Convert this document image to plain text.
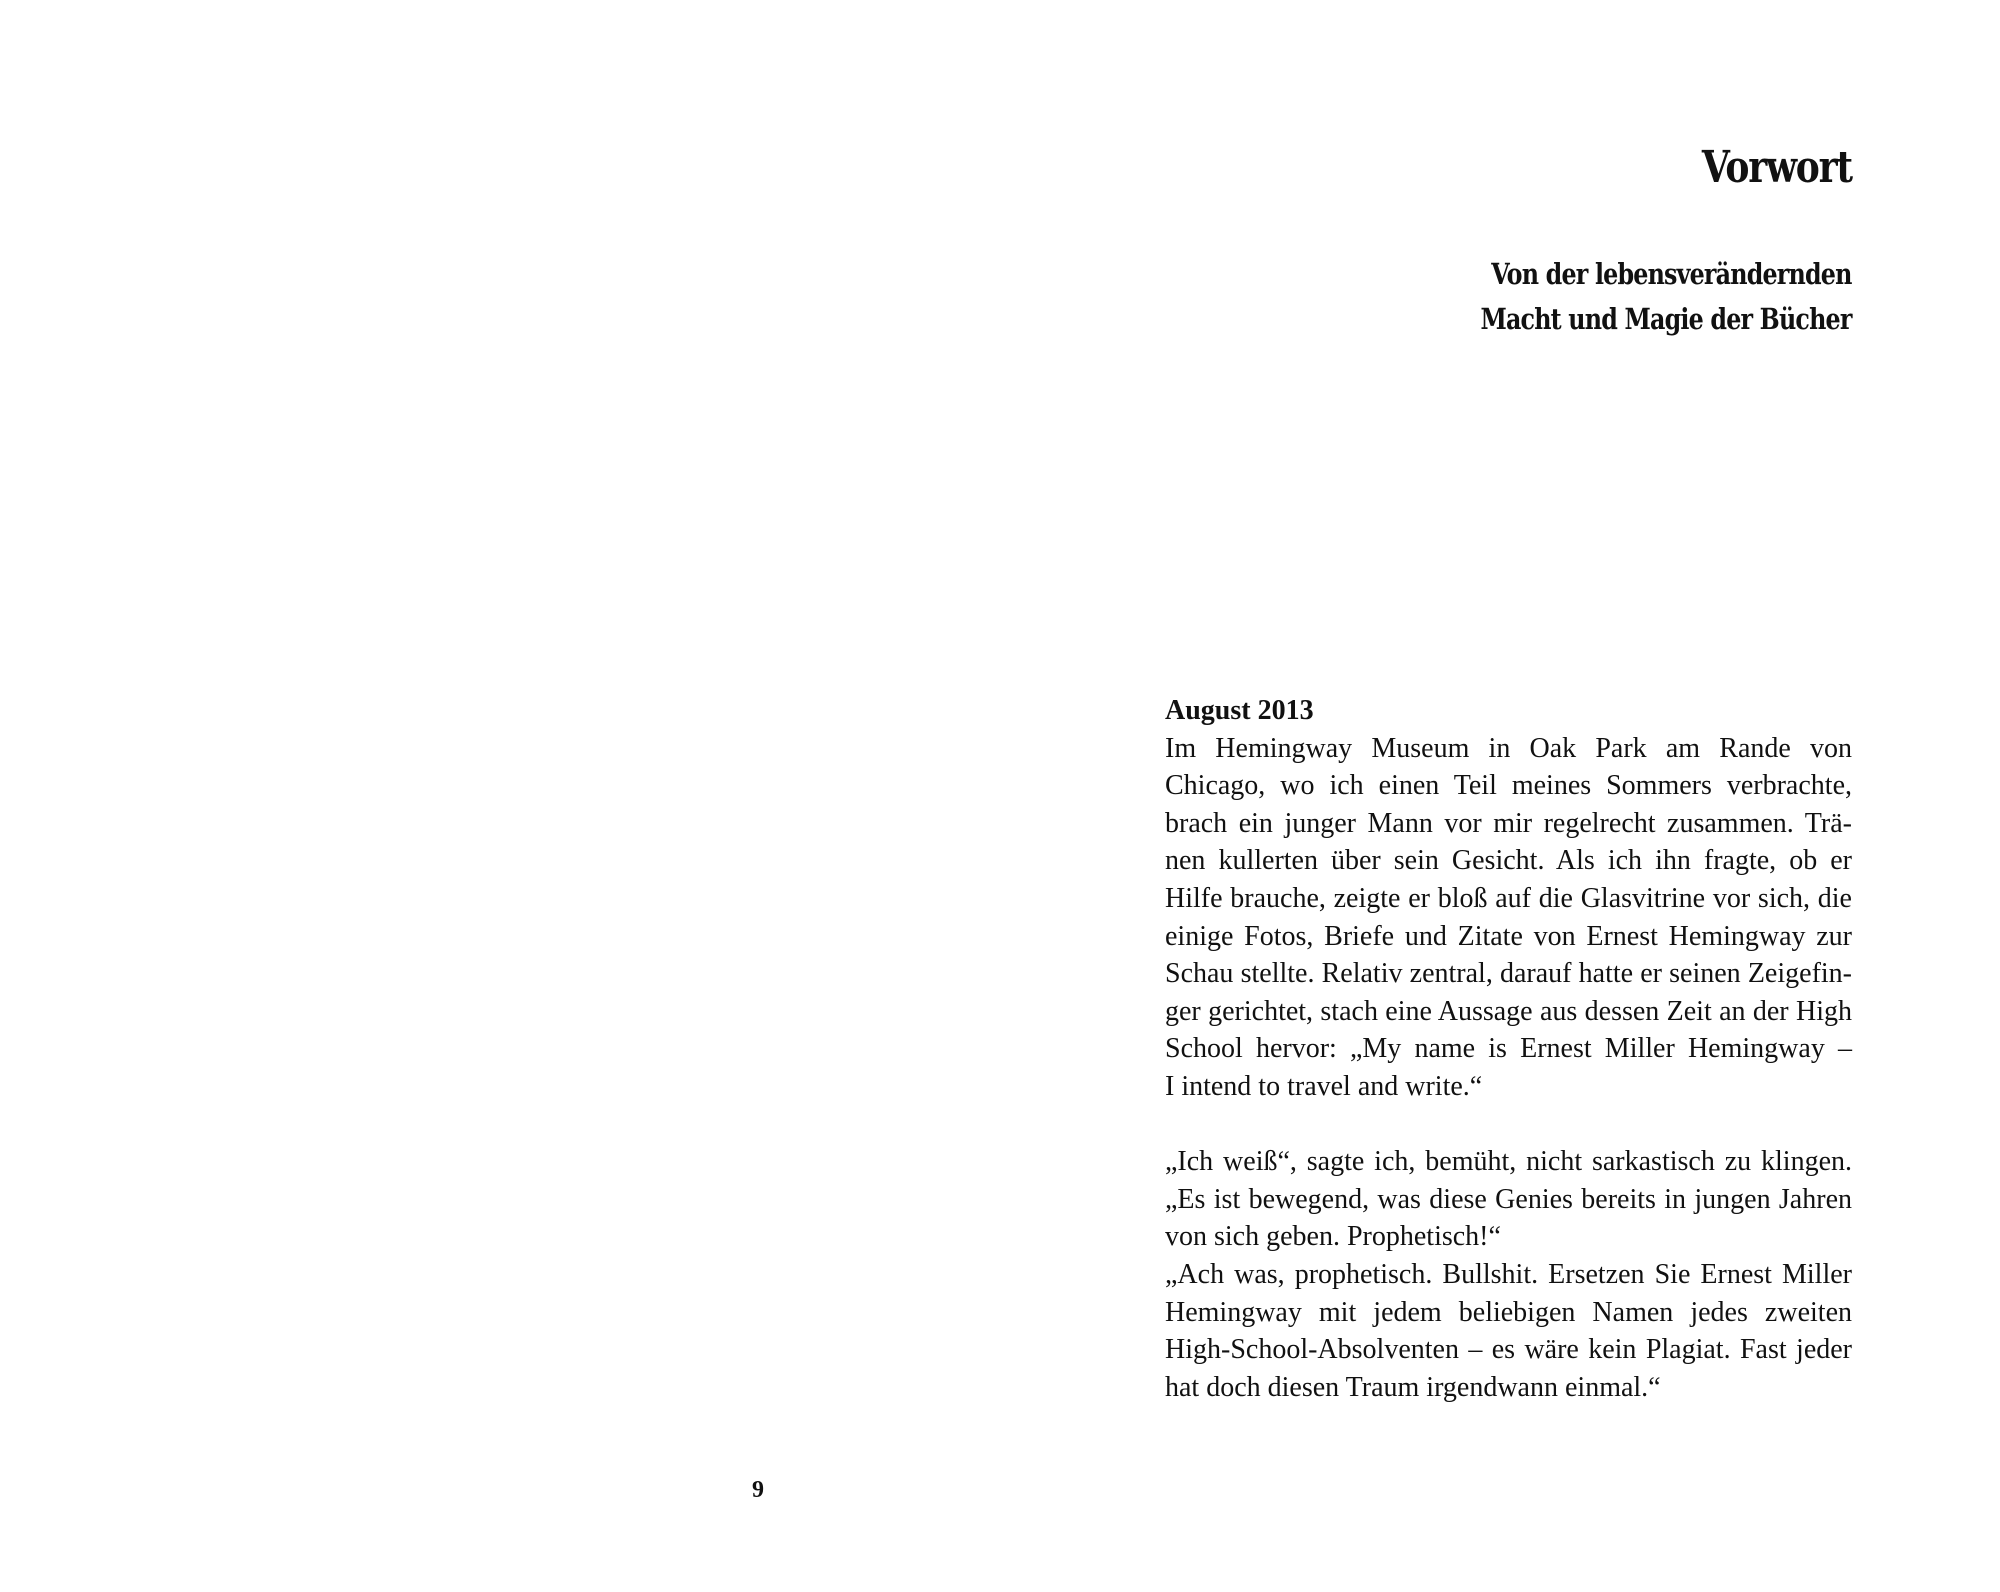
Vorwort
Von der lebensverändernden
Macht und Magie der Bücher
August 2013

Im Hemingway Museum in Oak Park am Rande von
Chicago, wo ich einen Teil meines Sommers verbrachte,
brach ein junger Mann vor mir regelrecht zusammen. Trä-
nen kullerten über sein Gesicht. Als ich ihn fragte, ob er
Hilfe brauche, zeigte er bloß auf die Glasvitrine vor sich, die
einige Fotos, Briefe und Zitate von Ernest Hemingway zur
Schau stellte. Relativ zentral, darauf hatte er seinen Zeigefin-
ger gerichtet, stach eine Aussage aus dessen Zeit an der High
School hervor: „My name is Ernest Miller Hemingway –
I intend to travel and write.“

„Ich weiß“, sagte ich, bemüht, nicht sarkastisch zu klingen.
„Es ist bewegend, was diese Genies bereits in jungen Jahren
von sich geben. Prophetisch!“

„Ach was, prophetisch. Bullshit. Ersetzen Sie Ernest Miller
Hemingway mit jedem beliebigen Namen jedes zweiten
High-School-Absolventen – es wäre kein Plagiat. Fast jeder
hat doch diesen Traum irgendwann einmal.“

9
